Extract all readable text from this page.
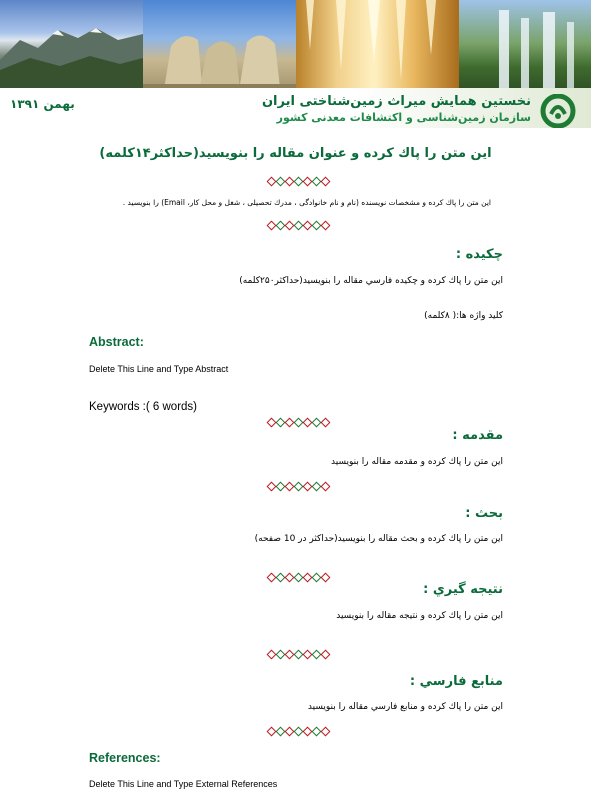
بهمن ۱۳۹۱	نخستين همايش ميراث زمين‌شناختی ايران
سازمان زمين‌شناسی و اكتشافات معدنی كشور
اين متن را پاك كرده و عنوان مقاله را بنويسيد(حداكثر۱۴كلمه)
اين متن را پاك كرده و مشخصات نويسنده (نام و نام خانوادگی ، مدرك تحصيلی ، شغل و محل كار، Email) را بنويسيد .
چكيده :
اين متن را پاك كرده و چكيده فارسي مقاله را بنويسيد(حداكثر۲۵۰كلمه)
كليد واژه ها:( ۸كلمه)
Abstract:
Delete This Line and Type Abstract
Keywords :( 6 words)
مقدمه :
اين متن را پاك كرده و مقدمه مقاله را بنويسيد
بحث :
اين متن را پاك كرده و بحث مقاله را بنويسيد(حداكثر در 10 صفحه)
نتيجه گيري :
اين متن را پاك كرده و نتيجه مقاله را بنويسيد
منابع فارسي :
اين متن را پاك كرده و منابع فارسي مقاله را بنويسيد
References:
Delete This Line and Type External References
